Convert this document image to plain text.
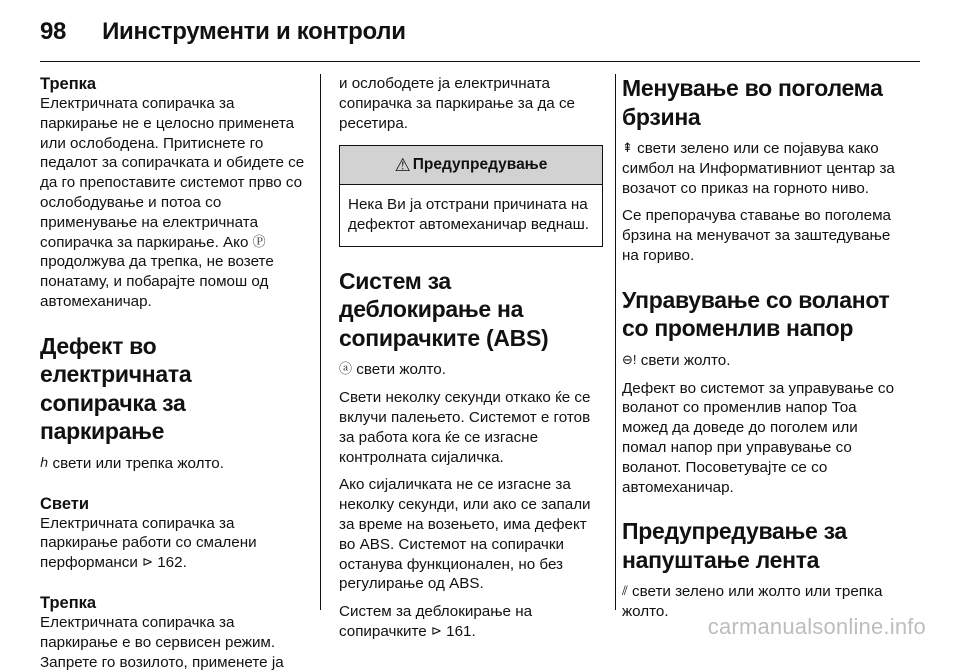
98 Иинструменти и контроли
Трепка

Електричната сопирачка за паркирање не е целосно применета или ослободена. Притиснете го педалот за сопирачката и обидете се да го препоставите системот прво со ослободување и потоа со применување на електричната сопирачка за паркирање. Ако Ⓟ продолжува да трепка, не возете понатаму, и побарајте помош од автомеханичар.

Дефект во електричната сопирачка за паркирање

ℎ свети или трепка жолто.

Свети

Електричната сопирачка за паркирање работи со смалени перформанси ⊳ 162.

Трепка

Електричната сопирачка за паркирање е во сервисен режим. Запрете го возилото, применете ја

и ослободете ја електричната сопирачка за паркирање за да се ресетира.

⚠ Предупредување

Нека Ви ја отстрани причината на дефектот автомеханичар веднаш.

Систем за деблокирање на сопирачките (ABS)

ⓐ свети жолто.

Свети неколку секунди откако ќе се вклучи палењето. Системот е готов за работа кога ќе се изгасне контролната сијаличка.

Ако сијаличката не се изгасне за неколку секунди, или ако се запали за време на возењето, има дефект во ABS. Системот на сопирачки останува функционален, но без регулирање од ABS.

Систем за деблокирање на сопирачките ⊳ 161.

Менување во поголема брзина

⇞ свети зелено или се појавува како симбол на Информативниот центар за возачот со приказ на горното ниво.

Се препорачува ставање во поголема брзина на менувачот за заштедување на гориво.

Управување со воланот со променлив напор

⊖! свети жолто.

Дефект во системот за управување со воланот со променлив напор Тоа можед да доведе до поголем или помал напор при управување со воланот. Посоветувајте се со автомеханичар.

Предупредување за напуштање лента

⫽ свети зелено или жолто или трепка жолто.

carmanualsonline.info
